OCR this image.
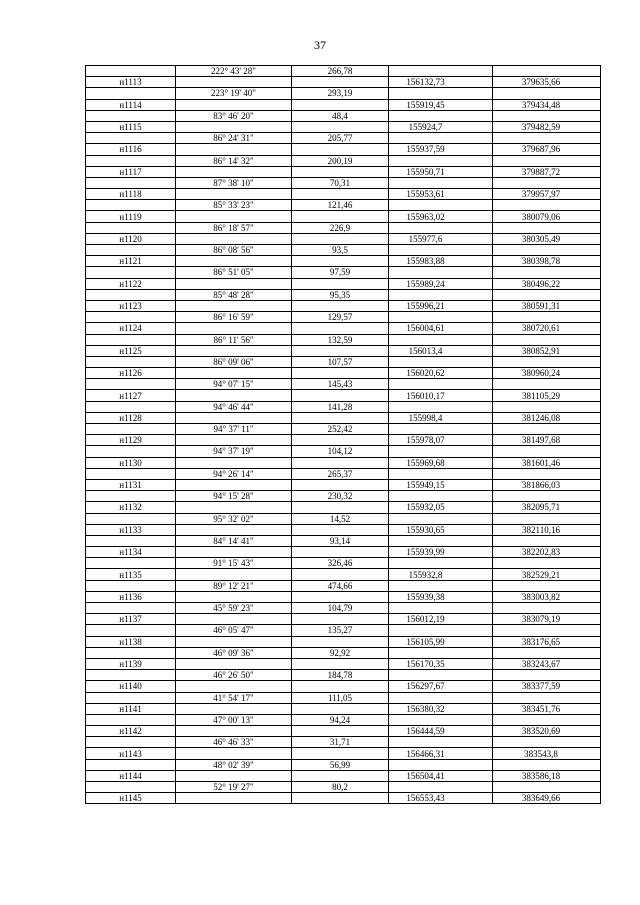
37
	222° 43' 28"	266,78		
н1113			156132,73	379635,66
	223° 19' 40"	293,19		
н1114			155919,45	379434,48
	83° 46' 20"	48,4		
н1115			155924,7	379482,59
	86° 24' 31"	205,77		
н1116			155937,59	379687,96
	86° 14' 32"	200,19		
н1117			155950,71	379887,72
	87° 38' 10"	70,31		
н1118			155953,61	379957,97
	85° 33' 23"	121,46		
н1119			155963,02	380079,06
	86° 18' 57"	226,9		
н1120			155977,6	380305,49
	86° 08' 56"	93,5		
н1121			155983,88	380398,78
	86° 51' 05"	97,59		
н1122			155989,24	380496,22
	85° 48' 28"	95,35		
н1123			155996,21	380591,31
	86° 16' 59"	129,57		
н1124			156004,61	380720,61
	86° 11' 56"	132,59		
н1125			156013,4	380852,91
	86° 09' 06"	107,57		
н1126			156020,62	380960,24
	94° 07' 15"	145,43		
н1127			156010,17	381105,29
	94° 46' 44"	141,28		
н1128			155998,4	381246,08
	94° 37' 11"	252,42		
н1129			155978,07	381497,68
	94° 37' 19"	104,12		
н1130			155969,68	381601,46
	94° 26' 14"	265,37		
н1131			155949,15	381866,03
	94° 15' 28"	230,32		
н1132			155932,05	382095,71
	95° 32' 02"	14,52		
н1133			155930,65	382110,16
	84° 14' 41"	93,14		
н1134			155939,99	382202,83
	91° 15' 43"	326,46		
н1135			155932,8	382529,21
	89° 12' 21"	474,66		
н1136			155939,38	383003,82
	45° 59' 23"	104,79		
н1137			156012,19	383079,19
	46° 05' 47"	135,27		
н1138			156105,99	383176,65
	46° 09' 36"	92,92		
н1139			156170,35	383243,67
	46° 26' 50"	184,78		
н1140			156297,67	383377,59
	41° 54' 17"	111,05		
н1141			156380,32	383451,76
	47° 00' 13"	94,24		
н1142			156444,59	383520,69
	46° 46' 33"	31,71		
н1143			156466,31	383543,8
	48° 02' 39"	56,99		
н1144			156504,41	383586,18
	52° 19' 27"	80,2		
н1145			156553,43	383649,66
